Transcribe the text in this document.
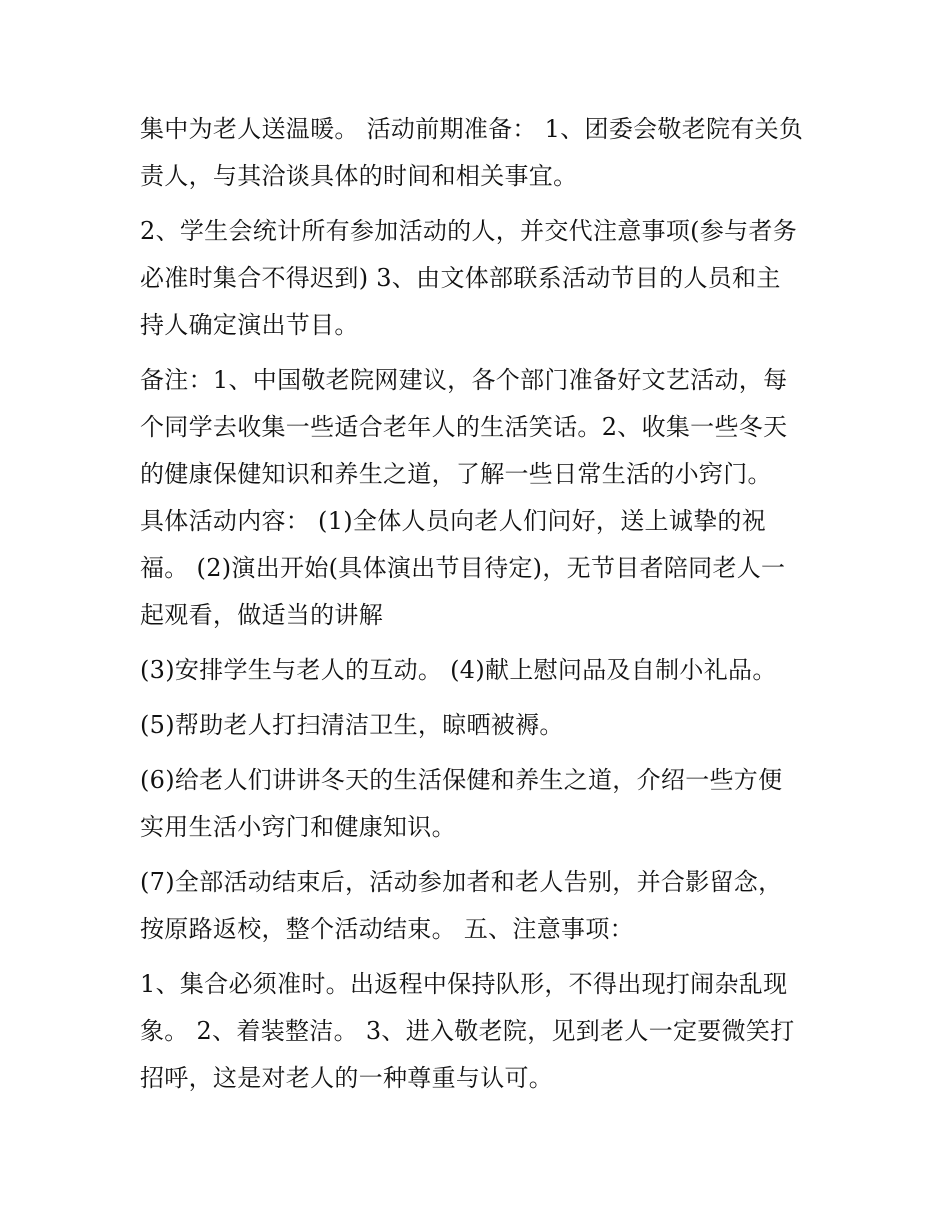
集中为老人送温暖。 活动前期准备： 1、团委会敬老院有关负
责人，与其洽谈具体的时间和相关事宜。

2、学生会统计所有参加活动的人，并交代注意事项(参与者务
必准时集合不得迟到) 3、由文体部联系活动节目的人员和主
持人确定演出节目。

备注：1、中国敬老院网建议，各个部门准备好文艺活动，每
个同学去收集一些适合老年人的生活笑话。2、收集一些冬天
的健康保健知识和养生之道，了解一些日常生活的小窍门。
具体活动内容： (1)全体人员向老人们问好，送上诚挚的祝
福。 (2)演出开始(具体演出节目待定)，无节目者陪同老人一
起观看，做适当的讲解

(3)安排学生与老人的互动。 (4)献上慰问品及自制小礼品。

(5)帮助老人打扫清洁卫生，晾晒被褥。

(6)给老人们讲讲冬天的生活保健和养生之道，介绍一些方便
实用生活小窍门和健康知识。

(7)全部活动结束后，活动参加者和老人告别，并合影留念，
按原路返校，整个活动结束。 五、注意事项：

1、集合必须准时。出返程中保持队形，不得出现打闹杂乱现
象。 2、着装整洁。 3、进入敬老院，见到老人一定要微笑打
招呼，这是对老人的一种尊重与认可。
